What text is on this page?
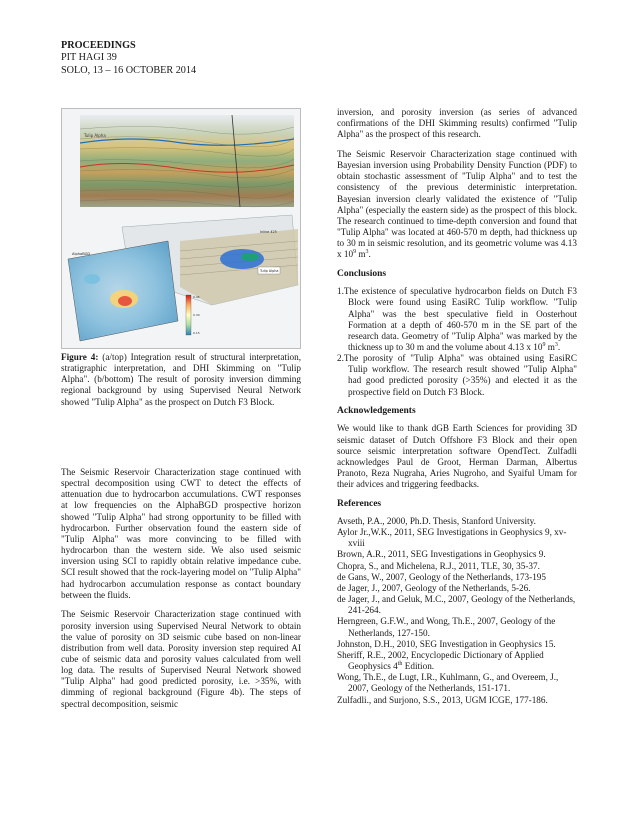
PROCEEDINGS
PIT HAGI 39
SOLO, 13 – 16 OCTOBER 2014
Tulip Alpha
Tulip Alpha
Inline 425
AlphaBGD
0.45
0.30
0.15
Figure 4: (a/top) Integration result of structural interpretation, stratigraphic interpretation, and DHI Skimming on "Tulip Alpha". (b/bottom) The result of porosity inversion dimming regional background by using Supervised Neural Network showed "Tulip Alpha" as the prospect on Dutch F3 Block.

The Seismic Reservoir Characterization stage continued with spectral decomposition using CWT to detect the effects of attenuation due to hydrocarbon accumulations. CWT responses at low frequencies on the AlphaBGD prospective horizon showed "Tulip Alpha" had strong opportunity to be filled with hydrocarbon. Further observation found the eastern side of "Tulip Alpha" was more convincing to be filled with hydrocarbon than the western side. We also used seismic inversion using SCI to rapidly obtain relative impedance cube. SCI result showed that the rock-layering model on "Tulip Alpha" had hydrocarbon accumulation response as contact boundary between the fluids.

The Seismic Reservoir Characterization stage continued with porosity inversion using Supervised Neural Network to obtain the value of porosity on 3D seismic cube based on non-linear distribution from well data. Porosity inversion step required AI cube of seismic data and porosity values calculated from well log data. The results of Supervised Neural Network showed "Tulip Alpha" had good predicted porosity, i.e. >35%, with dimming of regional background (Figure 4b). The steps of spectral decomposition, seismic

inversion, and porosity inversion (as series of advanced confirmations of the DHI Skimming results) confirmed "Tulip Alpha" as the prospect of this research.

The Seismic Reservoir Characterization stage continued with Bayesian inversion using Probability Density Function (PDF) to obtain stochastic assessment of "Tulip Alpha" and to test the consistency of the previous deterministic interpretation. Bayesian inversion clearly validated the existence of "Tulip Alpha" (especially the eastern side) as the prospect of this block. The research continued to time-depth conversion and found that "Tulip Alpha" was located at 460-570 m depth, had thickness up to 30 m in seismic resolution, and its geometric volume was 4.13 x $10^9$ $m^3$.

Conclusions
1.The existence of speculative hydrocarbon fields on Dutch F3 Block were found using EasiRC Tulip workflow. "Tulip Alpha" was the best speculative field in Oosterhout Formation at a depth of 460-570 m in the SE part of the research data. Geometry of "Tulip Alpha" was marked by the thickness up to 30 m and the volume about 4.13 x $10^9$ $m^3$.
2.The porosity of "Tulip Alpha" was obtained using EasiRC Tulip workflow. The research result showed "Tulip Alpha" had good predicted porosity (>35%) and elected it as the prospective field on Dutch F3 Block.
Acknowledgements

We would like to thank dGB Earth Sciences for providing 3D seismic dataset of Dutch Offshore F3 Block and their open source seismic interpretation software OpendTect. Zulfadli acknowledges Paul de Groot, Herman Darman, Albertus Pranoto, Reza Nugraha, Aries Nugroho, and Syaiful Umam for their advices and triggering feedbacks.

References
Avseth, P.A., 2000, Ph.D. Thesis, Stanford University.
Aylor Jr.,W.K., 2011, SEG Investigations in Geophysics 9, xv-xviii
Brown, A.R., 2011, SEG Investigations in Geophysics 9.
Chopra, S., and Michelena, R.J., 2011, TLE, 30, 35-37.
de Gans, W., 2007, Geology of the Netherlands, 173-195
de Jager, J., 2007, Geology of the Netherlands, 5-26.
de Jager, J., and Geluk, M.C., 2007, Geology of the Netherlands, 241-264.
Herngreen, G.F.W., and Wong, Th.E., 2007, Geology of the Netherlands, 127-150.
Johnston, D.H., 2010, SEG Investigation in Geophysics 15.
Sheriff, R.E., 2002, Encyclopedic Dictionary of Applied Geophysics 4th Edition.
Wong, Th.E., de Lugt, I.R., Kuhlmann, G., and Overeem, J., 2007, Geology of the Netherlands, 151-171.
Zulfadli., and Surjono, S.S., 2013, UGM ICGE, 177-186.
